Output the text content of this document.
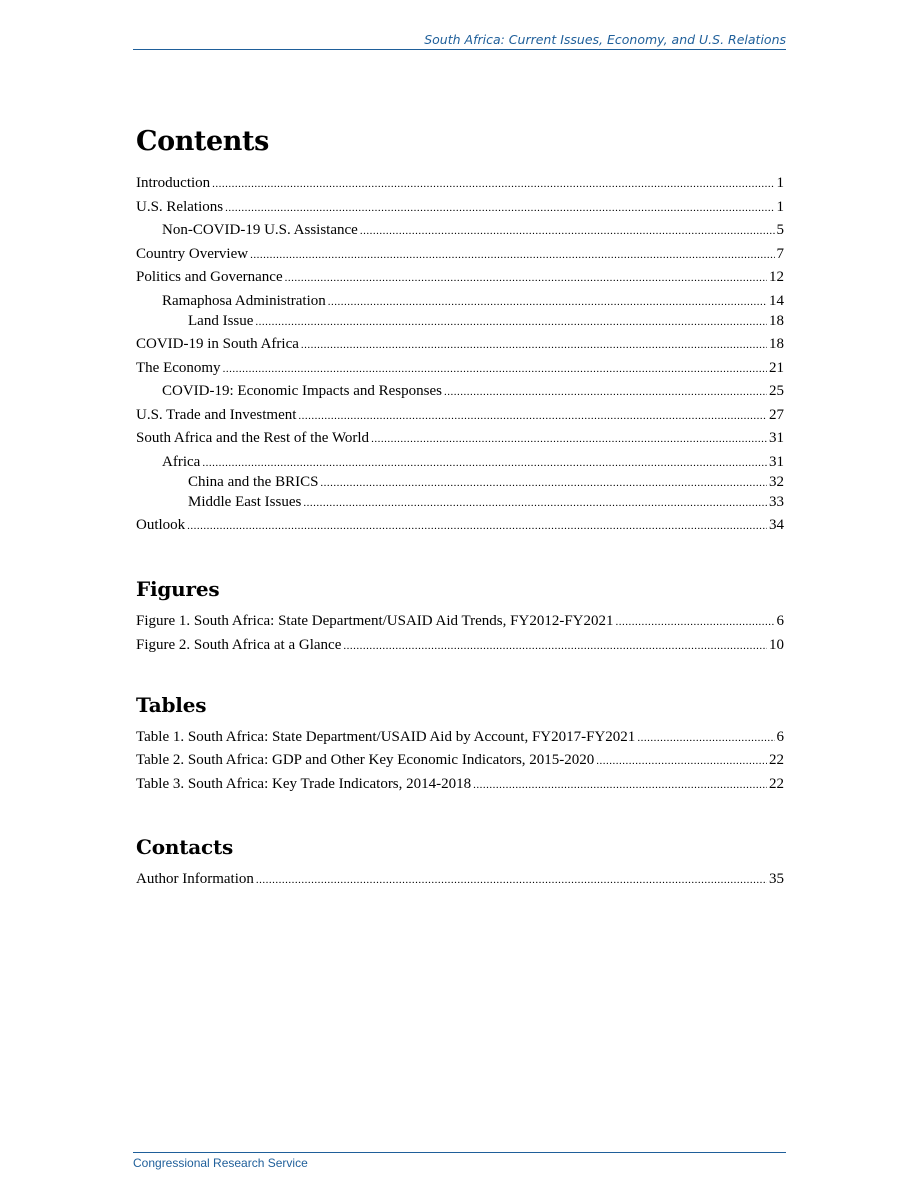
South Africa: Current Issues, Economy, and U.S. Relations
Contents
Introduction .....	1
U.S. Relations .....	1
Non-COVID-19 U.S. Assistance .....	5
Country Overview .....	7
Politics and Governance .....	12
Ramaphosa Administration .....	14
Land Issue .....	18
COVID-19 in South Africa .....	18
The Economy .....	21
COVID-19: Economic Impacts and Responses .....	25
U.S. Trade and Investment .....	27
South Africa and the Rest of the World .....	31
Africa .....	31
China and the BRICS .....	32
Middle East Issues .....	33
Outlook .....	34
Figures
Figure 1. South Africa: State Department/USAID Aid Trends, FY2012-FY2021 .....	6
Figure 2. South Africa at a Glance .....	10
Tables
Table 1. South Africa: State Department/USAID Aid by Account, FY2017-FY2021 .....	6
Table 2. South Africa: GDP and Other Key Economic Indicators, 2015-2020 .....	22
Table 3. South Africa: Key Trade Indicators, 2014-2018 .....	22
Contacts
Author Information .....	35
Congressional Research Service
